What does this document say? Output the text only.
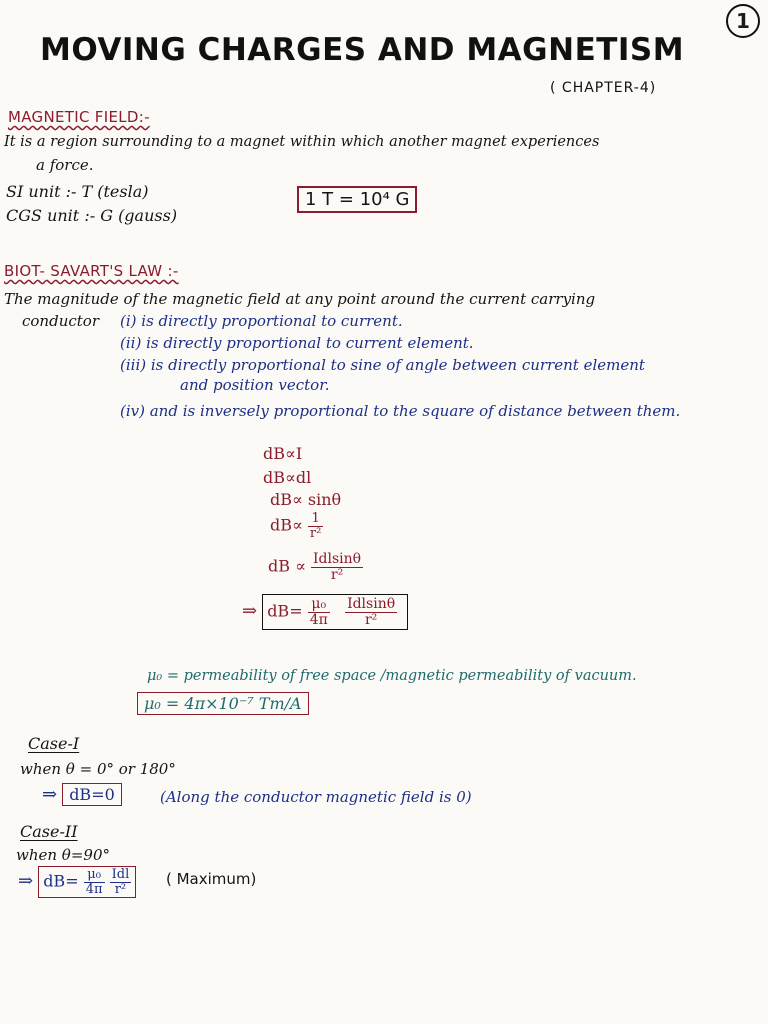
1
MOVING CHARGES AND MAGNETISM
( CHAPTER-4)
MAGNETIC FIELD:-
It is a region surrounding to a magnet within which another magnet experiences
a force.
SI unit :- T (tesla)
CGS unit :- G (gauss)
1 T = 10⁴ G
BIOT- SAVART'S LAW :-
The magnitude of the magnetic field at any point around the current carrying
conductor (i) is directly proportional to current.
(ii) is directly proportional to current element.
(iii) is directly proportional to sine of angle between current element
and position vector.
(iv) and is inversely proportional to the square of distance between them.
dB∝I
dB∝dl
dB∝ sinθ
$dB\propto \frac{1}{\text{r²}}$
dB ∝ $\frac{\text{Idlsinθ}}{\text{r²}}$
⇒ $dB= \frac{\text{μ₀}}{4\pi}$
$\frac{\text{Idlsinθ}}{\text{r²}}$
μ₀ = permeability of free space /magnetic permeability of vacuum.
μ₀ = 4π×10⁻⁷ Tm/A
Case-I
when θ = 0° or 180°
⇒ dB=0	(Along the conductor magnetic field is 0)
Case-II
when θ=90°
⇒ $dB= \frac{\text{μ₀}}{4\pi}$
$\frac{\text{Idl}}{\text{r²}}$ ( Maximum)
